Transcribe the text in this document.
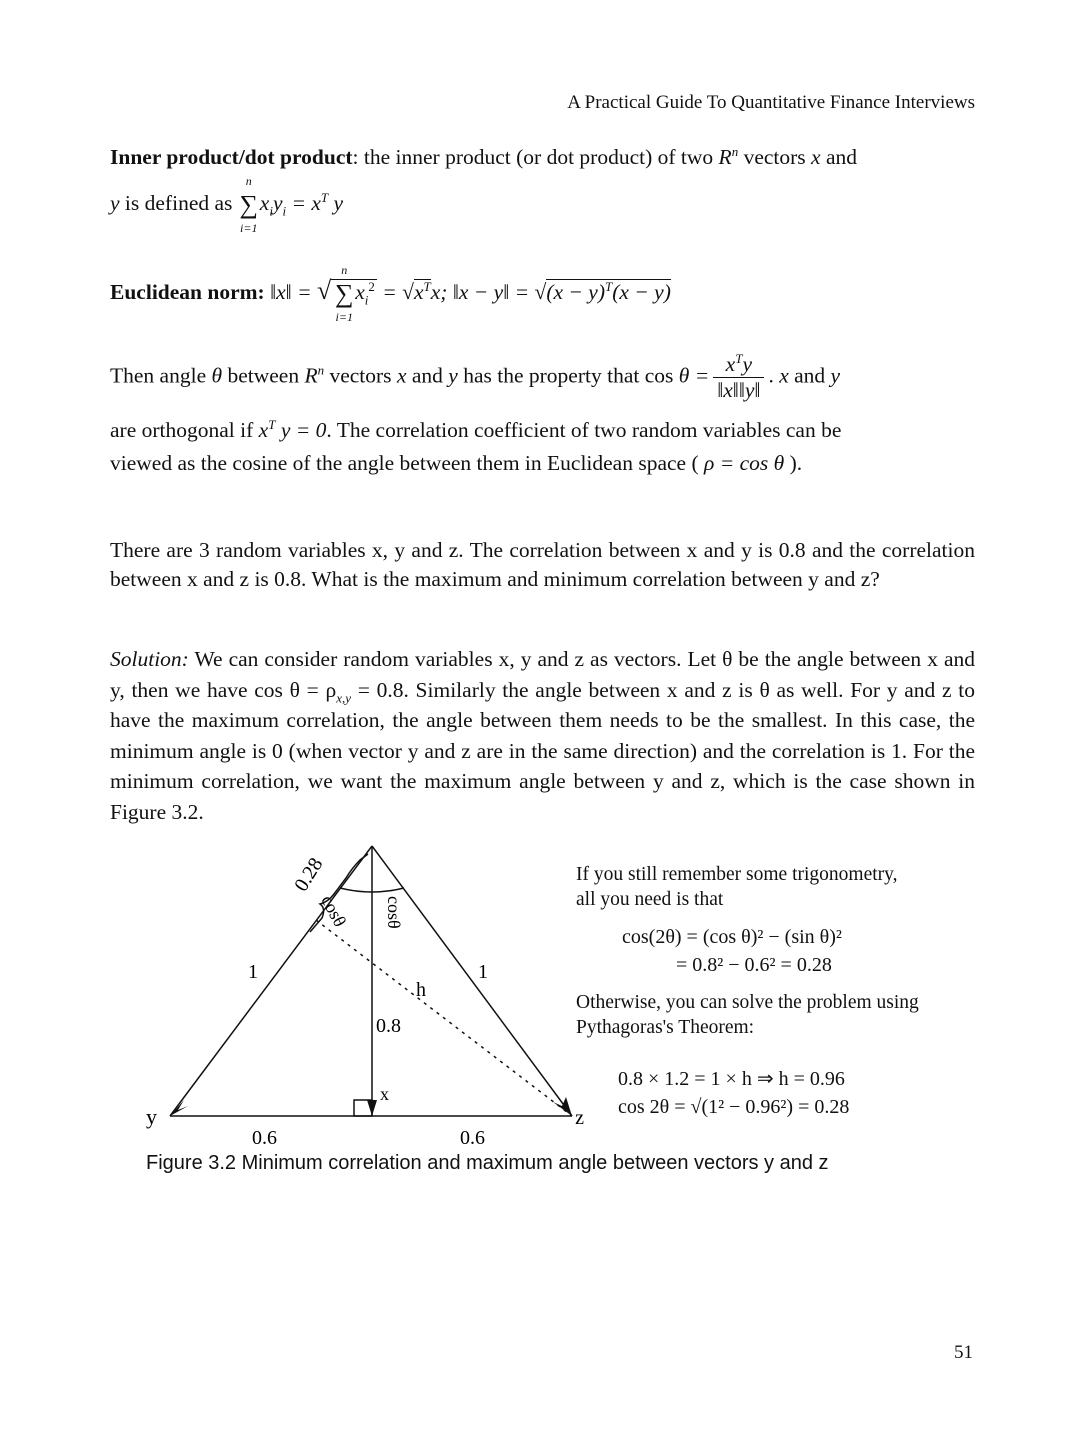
A Practical Guide To Quantitative Finance Interviews
Inner product/dot product: the inner product (or dot product) of two $R^n$ vectors x and
y is defined as
n
∑
i=1
$x_iy_i = x^T$ y
Euclidean norm: ‖x‖ = √
n
∑
i=1
$x_i^2 = √x^Tx$; ‖x − y‖ = $√(x - y)^T(x - y)$
Then angle θ between $R^n$ vectors x and y has the property that $\cos \theta = \frac{x^Ty}{‖x‖‖y‖}$ . x and y
are orthogonal if $x^T$ y = 0. The correlation coefficient of two random variables can be
viewed as the cosine of the angle between them in Euclidean space ( ρ = cos θ ).
There are 3 random variables x, y and z. The correlation between x and y is 0.8 and the correlation between x and z is 0.8. What is the maximum and minimum correlation between y and z?
Solution: We can consider random variables x, y and z as vectors. Let θ be the angle between x and y, then we have $\cos \theta = \rho_{x,y} = 0.8$. Similarly the angle between x and z is θ as well. For y and z to have the maximum correlation, the angle between them needs to be the smallest. In this case, the minimum angle is 0 (when vector y and z are in the same direction) and the correlation is 1. For the minimum correlation, we want the maximum angle between y and z, which is the case shown in Figure 3.2.
0.28
cosθ cosθ
1	1
h
0.8
x
y	z
0.6	0.6
If you still remember some trigonometry,
all you need is that
cos(2θ) = (cos θ)² − (sin θ)²
= 0.8² − 0.6² = 0.28
Otherwise, you can solve the problem using
Pythagoras's Theorem:
0.8 × 1.2 = 1 × h ⇒ h = 0.96
cos 2θ = √(1² − 0.96²) = 0.28
Figure 3.2 Minimum correlation and maximum angle between vectors y and z
51
